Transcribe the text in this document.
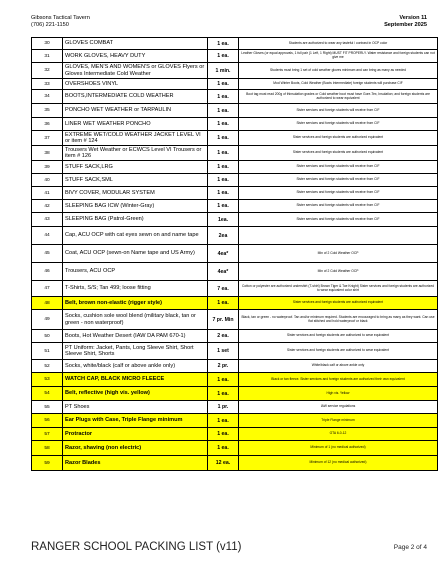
Gibsons Tactical Tavern
(706) 221-1150
Version 11
September 2025
30	GLOVES COMBAT	1 ea.	Students are authorized to wear any tasteful / contrast in OCP color
31	WORK GLOVES, HEAVY DUTY	1 ea.	Leather Gloves (or equal approvals, 1 full pair (1 Left, 1 Right) MUST FIT PROPERLY. Water resistance and foreign students can not give me
32	GLOVES, MEN'S AND WOMEN'S or GLOVES Flyers or Gloves Intermediate Cold Weather	1 min.	Students must bring 1 set of cold weather gloves minimum and can bring as many as needed
33	OVERSHOES VINYL	1 ea.	Mod Winter Boots, Cold Weather (Boots Intermediate) foreign students will purchase CIF
34	BOOTS,INTERMEDIATE COLD WEATHER	1 ea.	Boot tag must read 200g of thinsulation grades or Cold weather boot must have Gore-Tex, Insulation; and foreign students are authorized to wear equivalent
35	PONCHO WET WEATHER or TARPAULIN	1 ea.	Sister services and foreign students will receive from CIF
36	LINER WET WEATHER PONCHO	1 ea.	Sister services and foreign students will receive from CIF
37	EXTREME WET/COLD WEATHER JACKET LEVEL VI or item # 124	1 ea.	Sister services and foreign students are authorized equivalent
38	Trousers Wet Weather or ECWCS Level VI Trousers or item # 126	1 ea.	Sister services and foreign students are authorized equivalent
39	STUFF SACK,LRG	1 ea.	Sister services and foreign students will receive from CIF
40	STUFF SACK,SML	1 ea.	Sister services and foreign students will receive from CIF
41	BIVY COVER, MODULAR SYSTEM	1 ea.	Sister services and foreign students will receive from CIF
42	SLEEPING BAG ICW (Winter-Gray)	1 ea.	Sister services and foreign students will receive from CIF
43	SLEEPING BAG (Patrol-Green)	1ea.	Sister services and foreign students will receive from CIF
44	Cap, ACU OCP with cat eyes sewn on and name tape	2ea	
45	Coat, ACU OCP (sewn-on Name tape and US Army)	4ea*	Min of 2 Cold Weather OCP
46	Trousers, ACU OCP	4ea*	Min of 2 Cold Weather OCP
47	T-Shirts, S/S; Tan 499; loose fitting	7 ea.	Cotton or polyester are authorized undershirt (T-shirt) Brown Tiger & Toe Knight) Sister services and foreign students are authorized to wear equivalent color shirt
48	Belt, brown non-elastic (rigger style)	1 ea.	Sister services and foreign students are authorized equivalent
49	Socks, cushion sole wool blend (military black, tan or green - non waterproof)	7 pr. Min	Black, tan or green - no waterproof. Tan and/or minimum required. Students are encouraged to bring as many as they want. Can use flat stitched and hold waterproof or black
50	Boots, Hot Weather Desert (IAW DA PAM 670-1)	2 ea.	Sister services and foreign students are authorized to wear equivalent
51	PT Uniform: Jacket, Pants, Long Sleeve Shirt, Short Sleeve Shirt, Shorts	1 set	Sister services and foreign students are authorized to wear equivalent
52	Socks, white/black (calf or above ankle only)	2 pr.	White/black calf or above ankle only
53	WATCH CAP, BLACK MICRO FLEECE	1 ea.	Black or tan fleece. Sister services and foreign students are authorized their own equivalent
54	Belt, reflective (high vis. yellow)	1 ea.	High vis. Yellow
55	PT Shoes	1 pr.	IAW service regulations
56	Ear Plugs with Case, Triple Flange minimum	1 ea.	Triple Flange minimum
57	Protractor	1 ea.	GTA 6-0-12
58	Razor, shaving (non electric)	1 ea.	Minimum of 1 (no medical authorized)
59	Razor Blades	12 ea.	Minimum of 12 (no medical authorized)
RANGER SCHOOL PACKING LIST (v11)	Page 2 of 4
